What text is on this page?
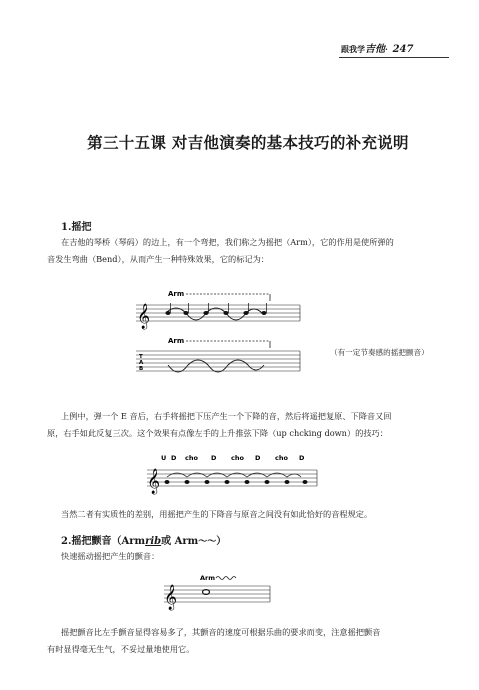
跟我学吉他· 247
第三十五课 对吉他演奏的基本技巧的补充说明
1.摇把
在吉他的琴桥（琴码）的边上，有一个弯把，我们称之为摇把（Arm），它的作用是使所弹的
音发生弯曲（Bend），从而产生一种特殊效果，它的标记为：
Arm
𝄞
Arm
T
A
B
（有一定节奏感的摇把颤音）
上例中，弹一个 E 音后，右手将摇把下压产生一个下降的音，然后将遥把复原、下降音又回
原，右手如此反复三次。这个效果有点像左手的上升推弦下降（up chcking down）的技巧：
U D cho D cho D cho D
𝄞
当然二者有实质性的差别，用摇把产生的下降音与原音之间没有如此恰好的音程规定。
2.摇把颤音（Armrib或 Arm～～）
快速摇动摇把产生的颤音：
Arm
𝄞
摇把颤音比左手颤音显得容易多了，其颤音的速度可根据乐曲的要求而变，注意摇把颤音
有时显得毫无生气，不妥过量地使用它。
